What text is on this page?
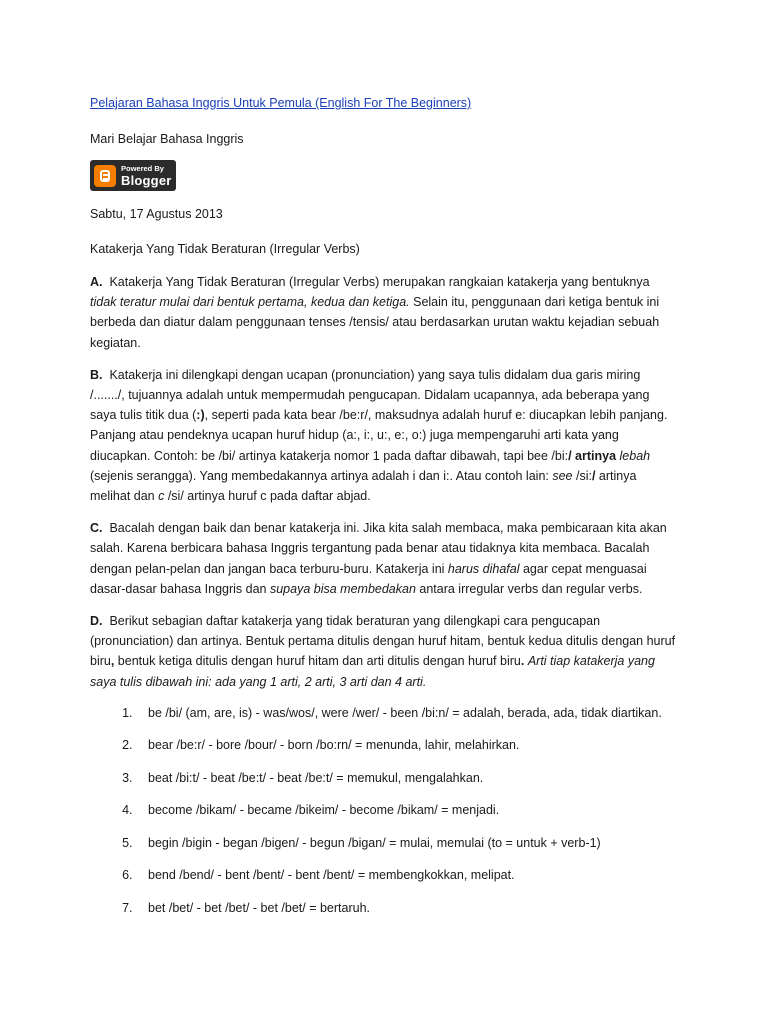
Pelajaran Bahasa Inggris Untuk Pemula (English For The Beginners)
Mari Belajar Bahasa Inggris
Powered By
Blogger
Sabtu, 17 Agustus 2013
Katakerja Yang Tidak Beraturan (Irregular Verbs)

A. Katakerja Yang Tidak Beraturan (Irregular Verbs) merupakan rangkaian katakerja yang bentuknya tidak teratur mulai dari bentuk pertama, kedua dan ketiga. Selain itu, penggunaan dari ketiga bentuk ini berbeda dan diatur dalam penggunaan tenses /tensis/ atau berdasarkan urutan waktu kejadian sebuah kegiatan.

B. Katakerja ini dilengkapi dengan ucapan (pronunciation) yang saya tulis didalam dua garis miring /......./, tujuannya adalah untuk mempermudah pengucapan. Didalam ucapannya, ada beberapa yang saya tulis titik dua (:), seperti pada kata bear /be:r/, maksudnya adalah huruf e: diucapkan lebih panjang. Panjang atau pendeknya ucapan huruf hidup (a:, i:, u:, e:, o:) juga mempengaruhi arti kata yang diucapkan. Contoh: be /bi/ artinya katakerja nomor 1 pada daftar dibawah, tapi bee /bi:/ artinya lebah (sejenis serangga). Yang membedakannya artinya adalah i dan i:. Atau contoh lain: see /si:/ artinya melihat dan c /si/ artinya huruf c pada daftar abjad.

C. Bacalah dengan baik dan benar katakerja ini. Jika kita salah membaca, maka pembicaraan kita akan salah. Karena berbicara bahasa Inggris tergantung pada benar atau tidaknya kita membaca. Bacalah dengan pelan-pelan dan jangan baca terburu-buru. Katakerja ini harus dihafal agar cepat menguasai dasar-dasar bahasa Inggris dan supaya bisa membedakan antara irregular verbs dan regular verbs.

D. Berikut sebagian daftar katakerja yang tidak beraturan yang dilengkapi cara pengucapan (pronunciation) dan artinya. Bentuk pertama ditulis dengan huruf hitam, bentuk kedua ditulis dengan huruf biru, bentuk ketiga ditulis dengan huruf hitam dan arti ditulis dengan huruf biru. Arti tiap katakerja yang saya tulis dibawah ini: ada yang 1 arti, 2 arti, 3 arti dan 4 arti.

1. be /bi/ (am, are, is) - was/wos/, were /wer/ - been /bi:n/ = adalah, berada, ada, tidak diartikan.
2. bear /be:r/ - bore /bour/ - born /bo:rn/ = menunda, lahir, melahirkan.
3. beat /bi:t/ - beat /be:t/ - beat /be:t/ = memukul, mengalahkan.
4. become /bikam/ - became /bikeim/ - become /bikam/ = menjadi.
5. begin /bigin - began /bigen/ - begun /bigan/ = mulai, memulai (to = untuk + verb-1)
6. bend /bend/ - bent /bent/ - bent /bent/ = membengkokkan, melipat.
7. bet /bet/ - bet /bet/ - bet /bet/ = bertaruh.
